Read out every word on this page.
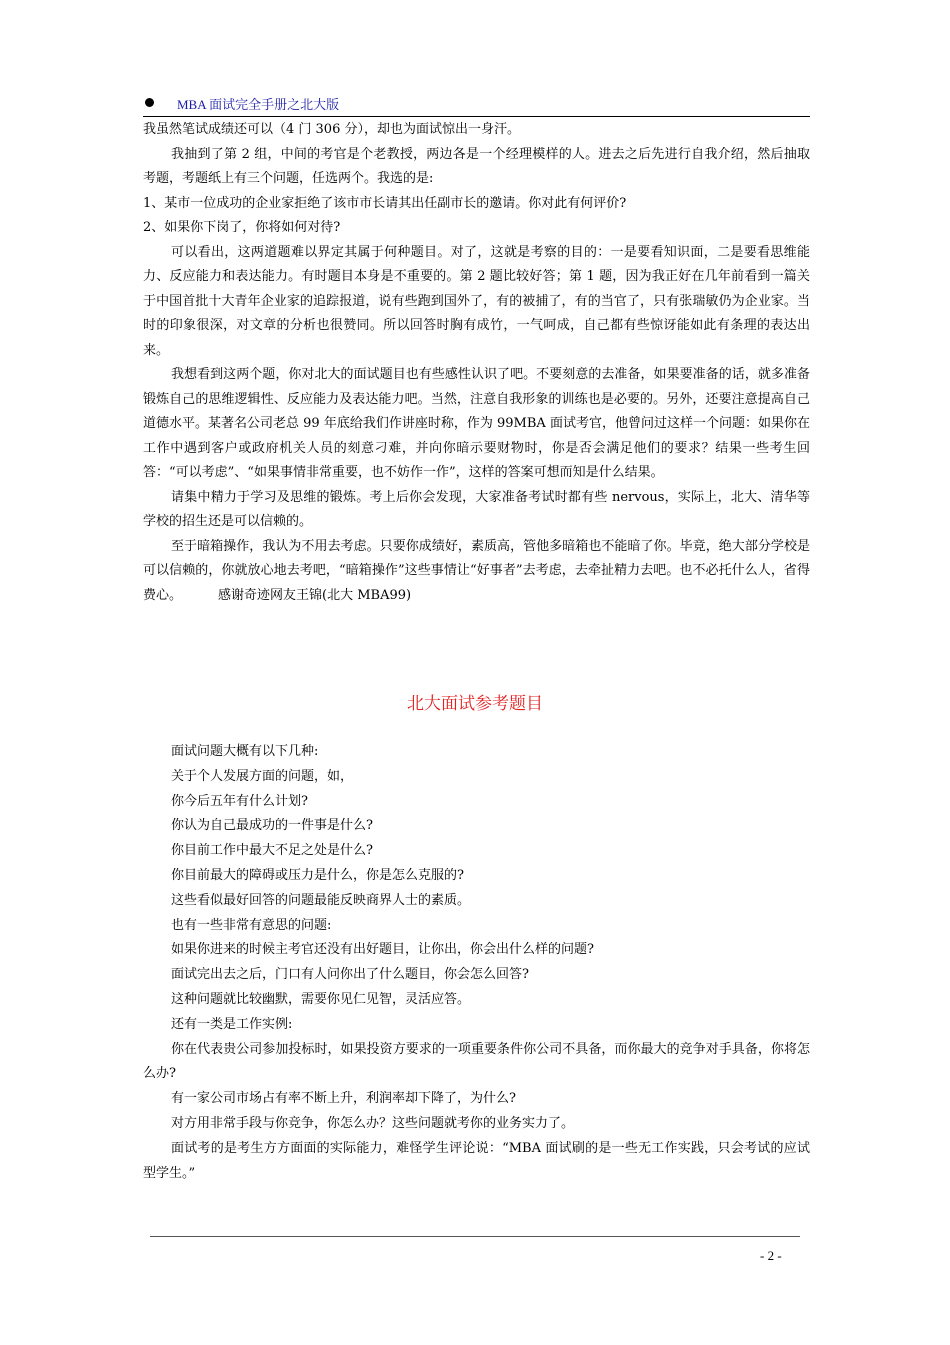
MBA 面试完全手册之北大版

我虽然笔试成绩还可以（4 门 306 分），却也为面试惊出一身汗。

我抽到了第 2 组，中间的考官是个老教授，两边各是一个经理模样的人。进去之后先进行自我介绍，然后抽取考题，考题纸上有三个问题，任选两个。我选的是:

1、某市一位成功的企业家拒绝了该市市长请其出任副市长的邀请。你对此有何评价?

2、如果你下岗了，你将如何对待?

可以看出，这两道题难以界定其属于何种题目。对了，这就是考察的目的：一是要看知识面，二是要看思维能力、反应能力和表达能力。有时题目本身是不重要的。第 2 题比较好答；第 1 题，因为我正好在几年前看到一篇关于中国首批十大青年企业家的追踪报道，说有些跑到国外了，有的被捕了，有的当官了，只有张瑞敏仍为企业家。当时的印象很深，对文章的分析也很赞同。所以回答时胸有成竹，一气呵成，自己都有些惊讶能如此有条理的表达出来。

我想看到这两个题，你对北大的面试题目也有些感性认识了吧。不要刻意的去准备，如果要准备的话，就多准备锻炼自己的思维逻辑性、反应能力及表达能力吧。当然，注意自我形象的训练也是必要的。另外，还要注意提高自己道德水平。某著名公司老总 99 年底给我们作讲座时称，作为 99MBA 面试考官，他曾问过这样一个问题：如果你在工作中遇到客户或政府机关人员的刻意刁难，并向你暗示要财物时，你是否会满足他们的要求？结果一些考生回答：“可以考虑”、“如果事情非常重要，也不妨作一作”，这样的答案可想而知是什么结果。

请集中精力于学习及思维的锻炼。考上后你会发现，大家准备考试时都有些 nervous，实际上，北大、清华等学校的招生还是可以信赖的。

至于暗箱操作，我认为不用去考虑。只要你成绩好，素质高，管他多暗箱也不能暗了你。毕竟，绝大部分学校是可以信赖的，你就放心地去考吧，“暗箱操作”这些事情让“好事者”去考虑，去牵扯精力去吧。也不必托什么人，省得费心。	感谢奇迹网友王锦(北大 MBA99)

北大面试参考题目

面试问题大概有以下几种:

关于个人发展方面的问题，如，

你今后五年有什么计划?

你认为自己最成功的一件事是什么?

你目前工作中最大不足之处是什么?

你目前最大的障碍或压力是什么，你是怎么克服的?

这些看似最好回答的问题最能反映商界人士的素质。

也有一些非常有意思的问题:

如果你进来的时候主考官还没有出好题目，让你出，你会出什么样的问题?

面试完出去之后，门口有人问你出了什么题目，你会怎么回答?

这种问题就比较幽默，需要你见仁见智，灵活应答。

还有一类是工作实例:

你在代表贵公司参加投标时，如果投资方要求的一项重要条件你公司不具备，而你最大的竞争对手具备，你将怎么办?

有一家公司市场占有率不断上升，利润率却下降了，为什么?

对方用非常手段与你竞争，你怎么办？这些问题就考你的业务实力了。

面试考的是考生方方面面的实际能力，难怪学生评论说：“MBA 面试刷的是一些无工作实践，只会考试的应试型学生。”

- 2 -
